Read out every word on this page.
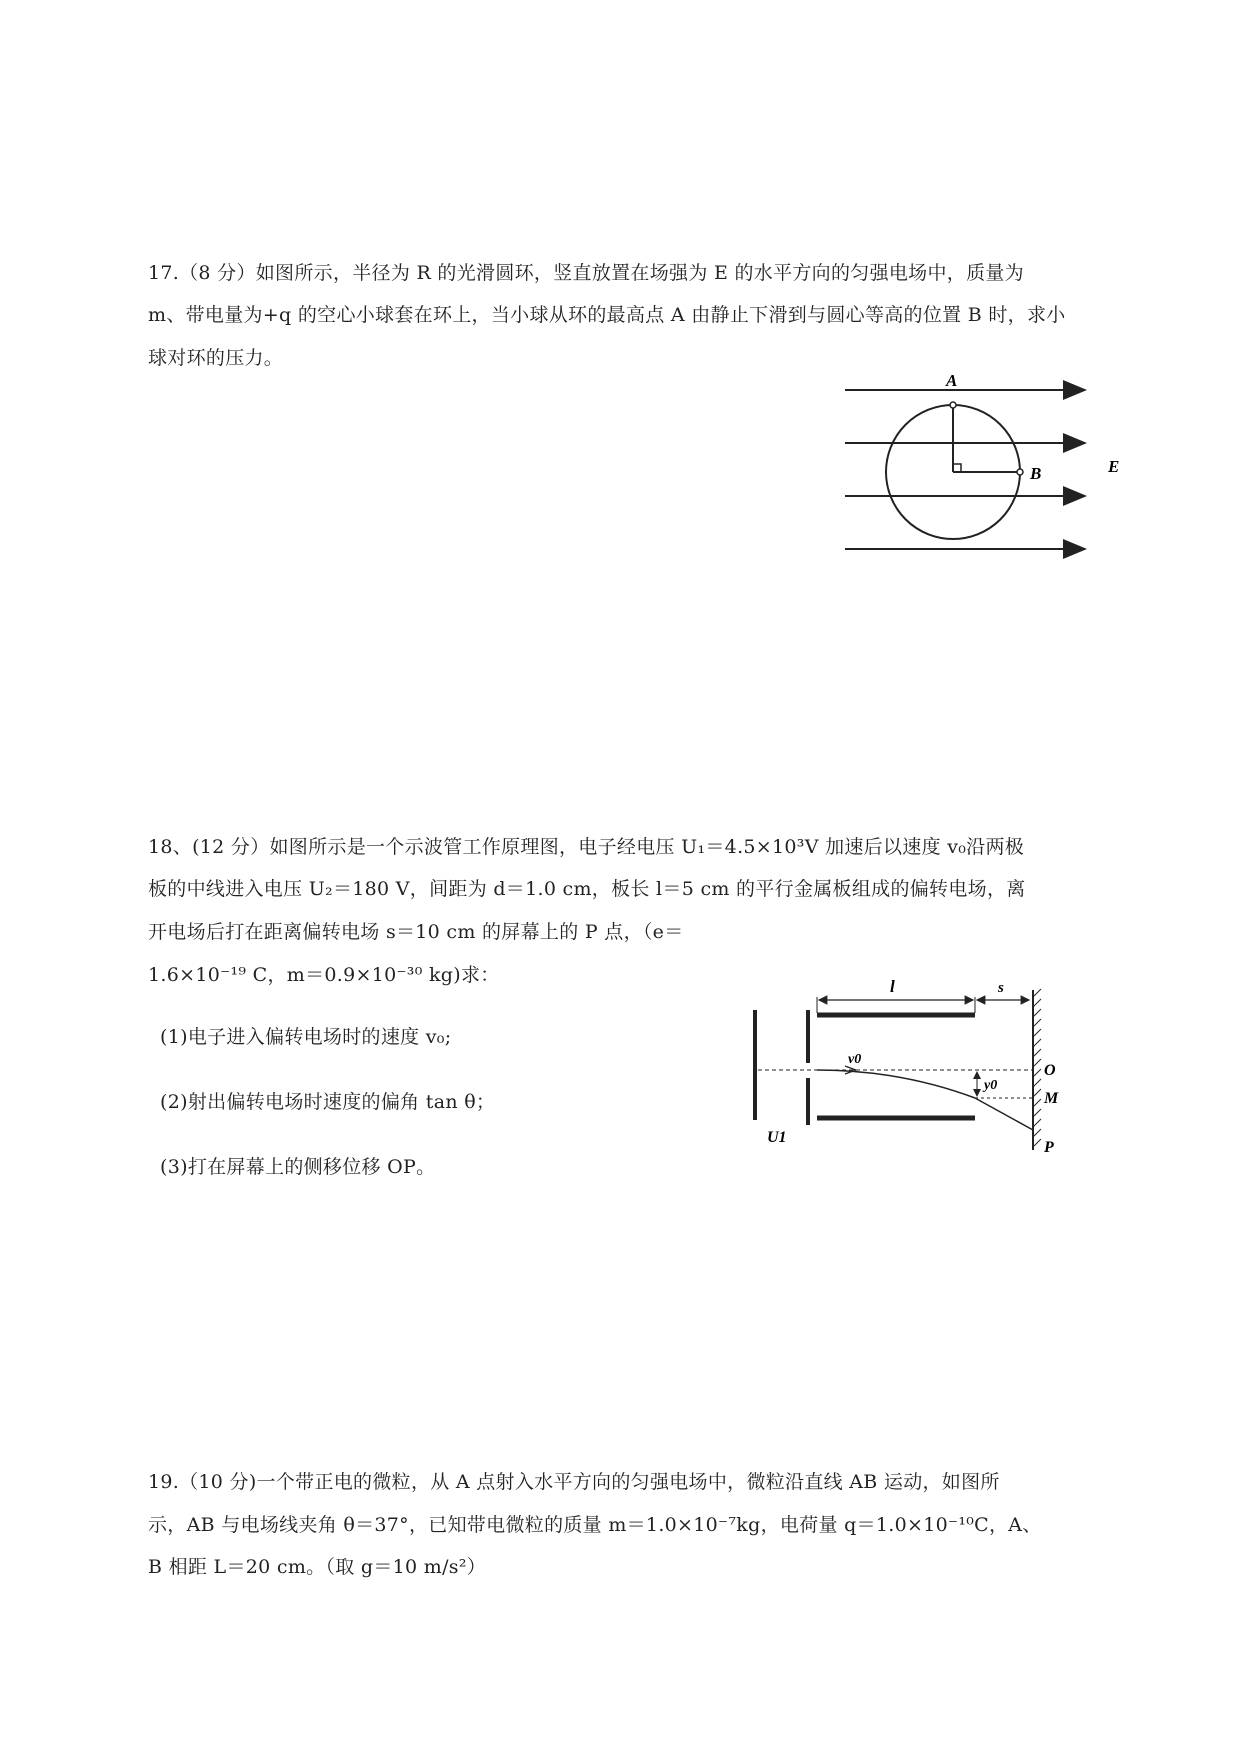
17.（8 分）如图所示，半径为 R 的光滑圆环，竖直放置在场强为 E 的水平方向的匀强电场中，质量为
m、带电量为+q 的空心小球套在环上，当小球从环的最高点 A 由静止下滑到与圆心等高的位置 B 时，求小
球对环的压力。
A
B	E
18、(12 分）如图所示是一个示波管工作原理图，电子经电压 U₁＝4.5×10³V 加速后以速度 v₀沿两极
板的中线进入电压 U₂＝180 V，间距为 d＝1.0 cm，板长 l＝5 cm 的平行金属板组成的偏转电场，离
开电场后打在距离偏转电场 s＝10 cm 的屏幕上的 P 点，（e＝
1.6×10⁻¹⁹ C，m＝0.9×10⁻³⁰ kg)求：
(1)电子进入偏转电场时的速度 v₀;
(2)射出偏转电场时速度的偏角 tan θ；
(3)打在屏幕上的侧移位移 OP。
l	s
v0
y0
O
M
P
U1
19.（10 分)一个带正电的微粒，从 A 点射入水平方向的匀强电场中，微粒沿直线 AB 运动，如图所
示，AB 与电场线夹角 θ＝37°，已知带电微粒的质量 m＝1.0×10⁻⁷kg，电荷量 q＝1.0×10⁻¹⁰C，A、
B 相距 L＝20 cm。（取 g＝10 m/s²）
